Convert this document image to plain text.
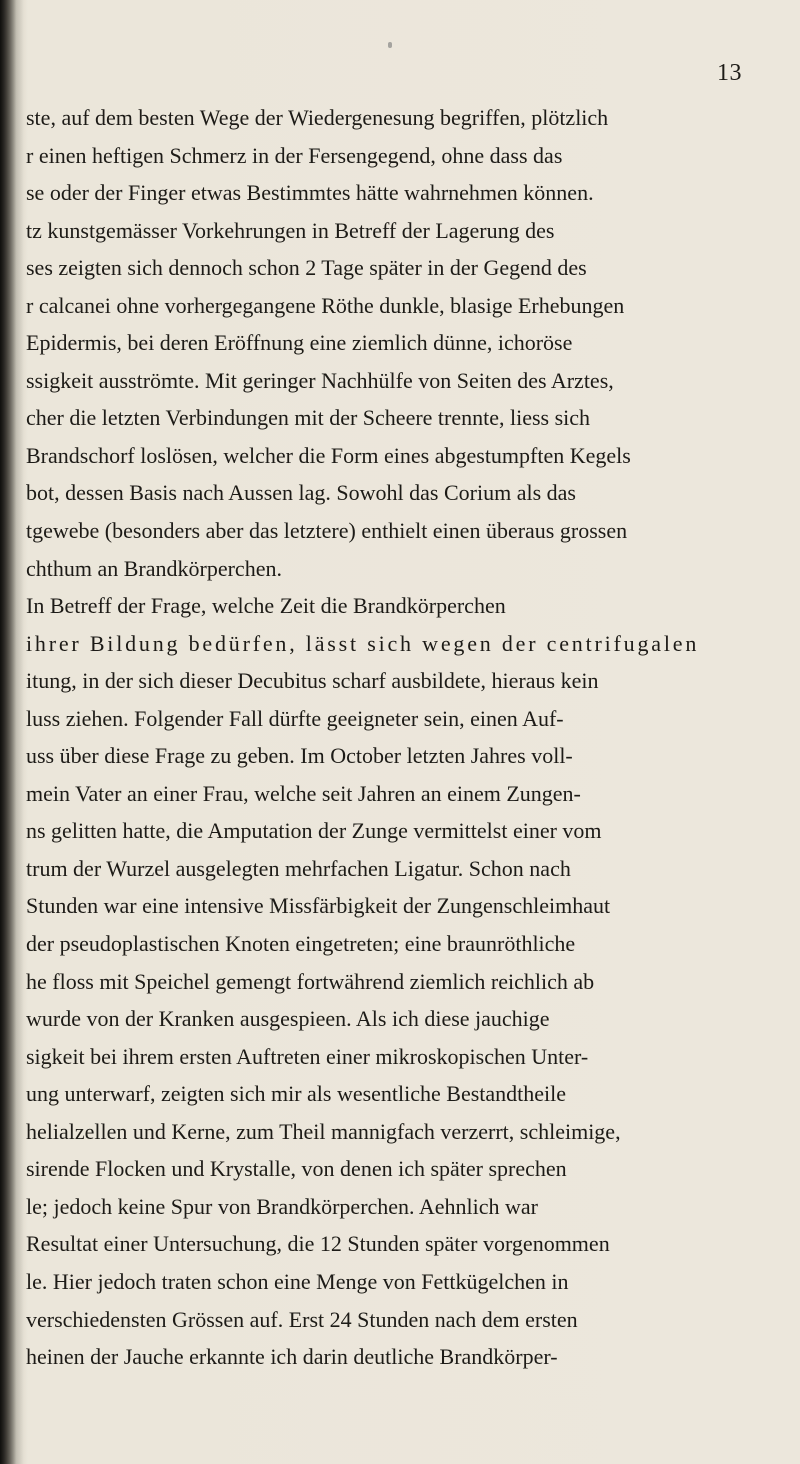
13
ste, auf dem besten Wege der Wiedergenesung begriffen, plötzlich
r einen heftigen Schmerz in der Fersengegend, ohne dass das
se oder der Finger etwas Bestimmtes hätte wahrnehmen können.
tz kunstgemässer Vorkehrungen in Betreff der Lagerung des
ses zeigten sich dennoch schon 2 Tage später in der Gegend des
r calcanei ohne vorhergegangene Röthe dunkle, blasige Erhebungen
Epidermis, bei deren Eröffnung eine ziemlich dünne, ichoröse
ssigkeit ausströmte. Mit geringer Nachhülfe von Seiten des Arztes,
cher die letzten Verbindungen mit der Scheere trennte, liess sich
Brandschorf loslösen, welcher die Form eines abgestumpften Kegels
bot, dessen Basis nach Aussen lag. Sowohl das Corium als das
tgewebe (besonders aber das letztere) enthielt einen überaus grossen
chthum an Brandkörperchen.
In Betreff der Frage, welche Zeit die Brandkörperchen
ihrer Bildung bedürfen, lässt sich wegen der centrifugalen
itung, in der sich dieser Decubitus scharf ausbildete, hieraus kein
luss ziehen. Folgender Fall dürfte geeigneter sein, einen Auf-
uss über diese Frage zu geben. Im October letzten Jahres voll-
mein Vater an einer Frau, welche seit Jahren an einem Zungen-
ns gelitten hatte, die Amputation der Zunge vermittelst einer vom
trum der Wurzel ausgelegten mehrfachen Ligatur. Schon nach
Stunden war eine intensive Missfärbigkeit der Zungenschleimhaut
der pseudoplastischen Knoten eingetreten; eine braunröthliche
he floss mit Speichel gemengt fortwährend ziemlich reichlich ab
wurde von der Kranken ausgespieen. Als ich diese jauchige
sigkeit bei ihrem ersten Auftreten einer mikroskopischen Unter-
ung unterwarf, zeigten sich mir als wesentliche Bestandtheile
helialzellen und Kerne, zum Theil mannigfach verzerrt, schleimige,
sirende Flocken und Krystalle, von denen ich später sprechen
le; jedoch keine Spur von Brandkörperchen. Aehnlich war
Resultat einer Untersuchung, die 12 Stunden später vorgenommen
le. Hier jedoch traten schon eine Menge von Fettkügelchen in
verschiedensten Grössen auf. Erst 24 Stunden nach dem ersten
heinen der Jauche erkannte ich darin deutliche Brandkörper-
